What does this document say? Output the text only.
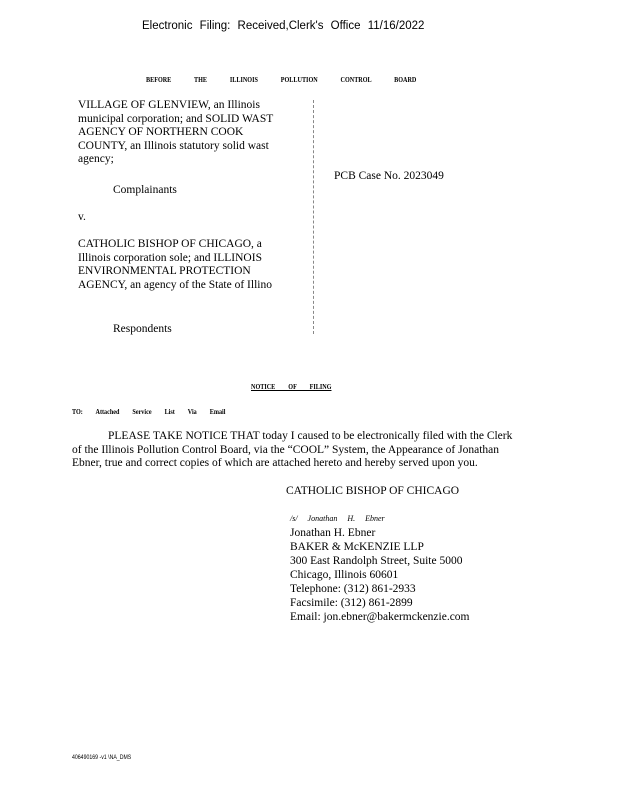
Electronic Filing: Received,Clerk's Office 11/16/2022
BEFORE THE ILLINOIS POLLUTION CONTROL BOARD
VILLAGE OF GLENVIEW, an Illinois
municipal corporation; and SOLID WAST
AGENCY OF NORTHERN COOK
COUNTY, an Illinois statutory solid wast
agency;
Complainants
v.
CATHOLIC BISHOP OF CHICAGO, a
Illinois corporation sole; and ILLINOIS
ENVIRONMENTAL PROTECTION
AGENCY, an agency of the State of Illino
Respondents
PCB Case No. 2023049
NOTICE OF FILING
TO: Attached Service List Via Email
PLEASE TAKE NOTICE THAT today I caused to be electronically filed with the Clerk
of the Illinois Pollution Control Board, via the “COOL” System, the Appearance of Jonathan
Ebner, true and correct copies of which are attached hereto and hereby served upon you.
CATHOLIC BISHOP OF CHICAGO
/s/ Jonathan H. Ebner
Jonathan H. Ebner
BAKER & McKENZIE LLP
300 East Randolph Street, Suite 5000
Chicago, Illinois 60601
Telephone: (312) 861-2933
Facsimile: (312) 861-2899
Email: jon.ebner@bakermckenzie.com
406490169 -v1 \NA_DMS
